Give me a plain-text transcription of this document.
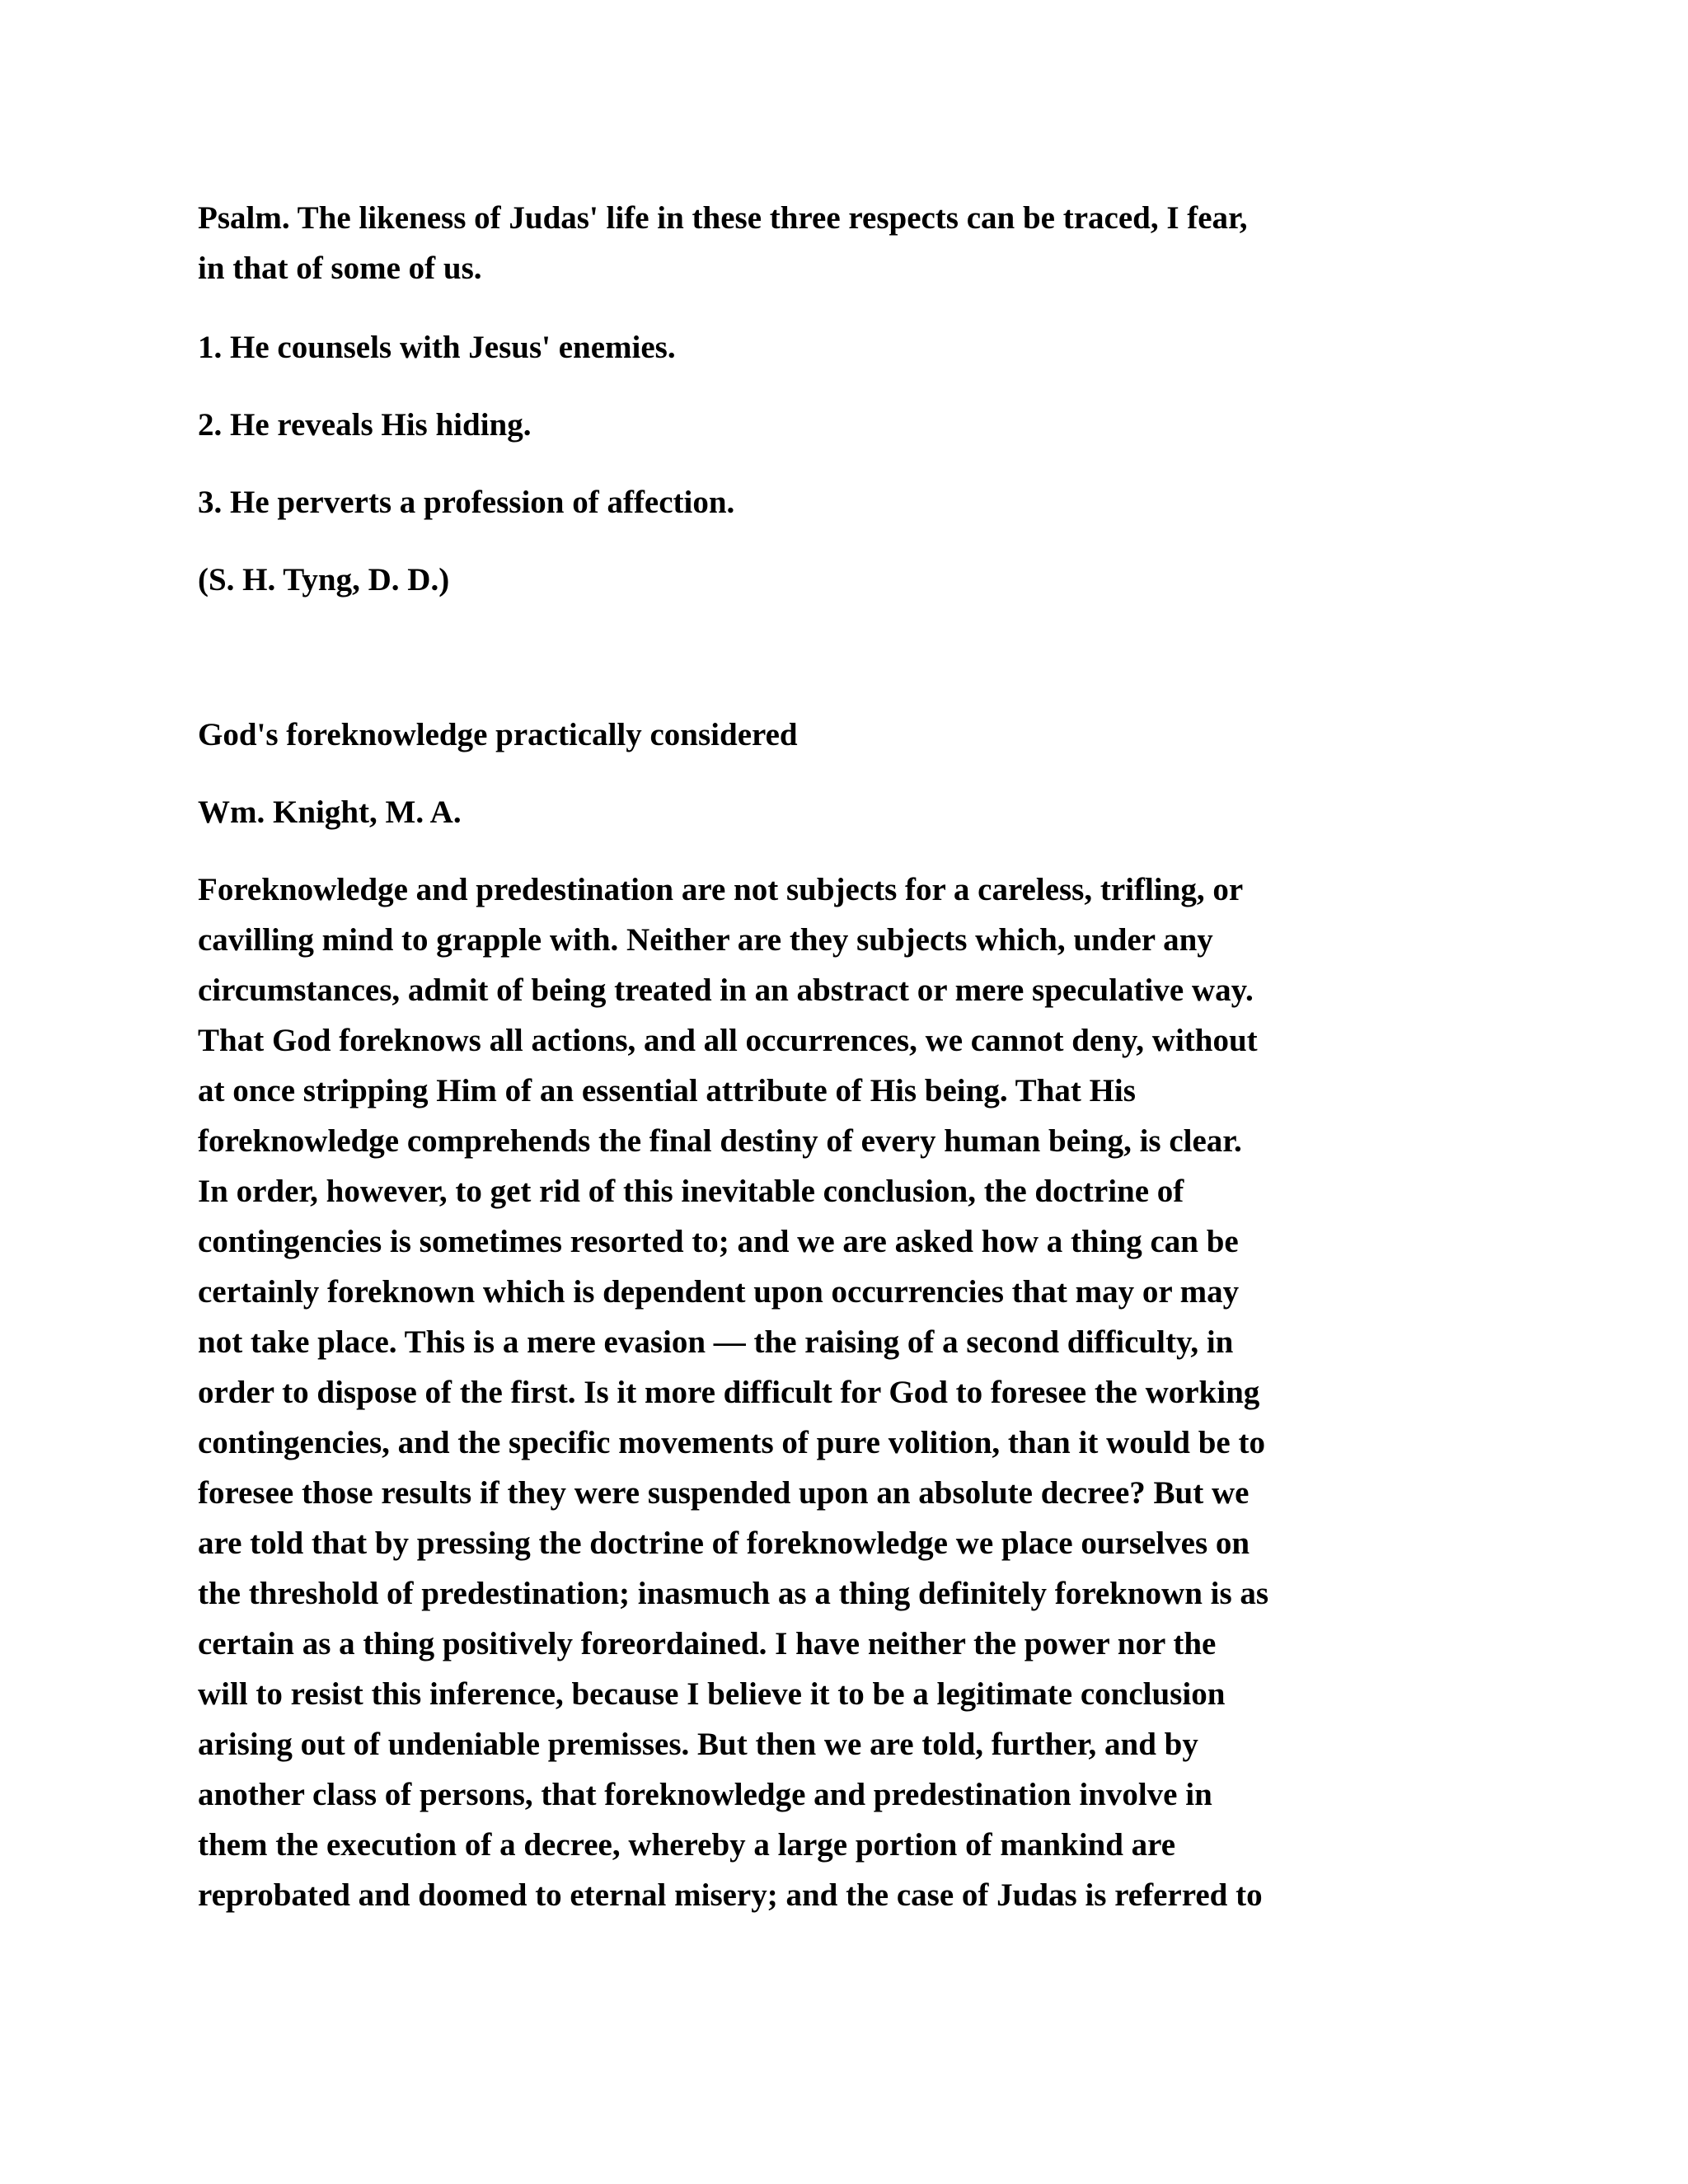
Psalm. The likeness of Judas' life in these three respects can be traced, I fear,
in that of some of us.
1. He counsels with Jesus' enemies.
2. He reveals His hiding.
3. He perverts a profession of affection.
(S. H. Tyng, D. D.)
God's foreknowledge practically considered
Wm. Knight, M. A.
Foreknowledge and predestination are not subjects for a careless, trifling, or
cavilling mind to grapple with. Neither are they subjects which, under any
circumstances, admit of being treated in an abstract or mere speculative way.
That God foreknows all actions, and all occurrences, we cannot deny, without
at once stripping Him of an essential attribute of His being. That His
foreknowledge comprehends the final destiny of every human being, is clear.
In order, however, to get rid of this inevitable conclusion, the doctrine of
contingencies is sometimes resorted to; and we are asked how a thing can be
certainly foreknown which is dependent upon occurrencies that may or may
not take place. This is a mere evasion — the raising of a second difficulty, in
order to dispose of the first. Is it more difficult for God to foresee the working
contingencies, and the specific movements of pure volition, than it would be to
foresee those results if they were suspended upon an absolute decree? But we
are told that by pressing the doctrine of foreknowledge we place ourselves on
the threshold of predestination; inasmuch as a thing definitely foreknown is as
certain as a thing positively foreordained. I have neither the power nor the
will to resist this inference, because I believe it to be a legitimate conclusion
arising out of undeniable premisses. But then we are told, further, and by
another class of persons, that foreknowledge and predestination involve in
them the execution of a decree, whereby a large portion of mankind are
reprobated and doomed to eternal misery; and the case of Judas is referred to
